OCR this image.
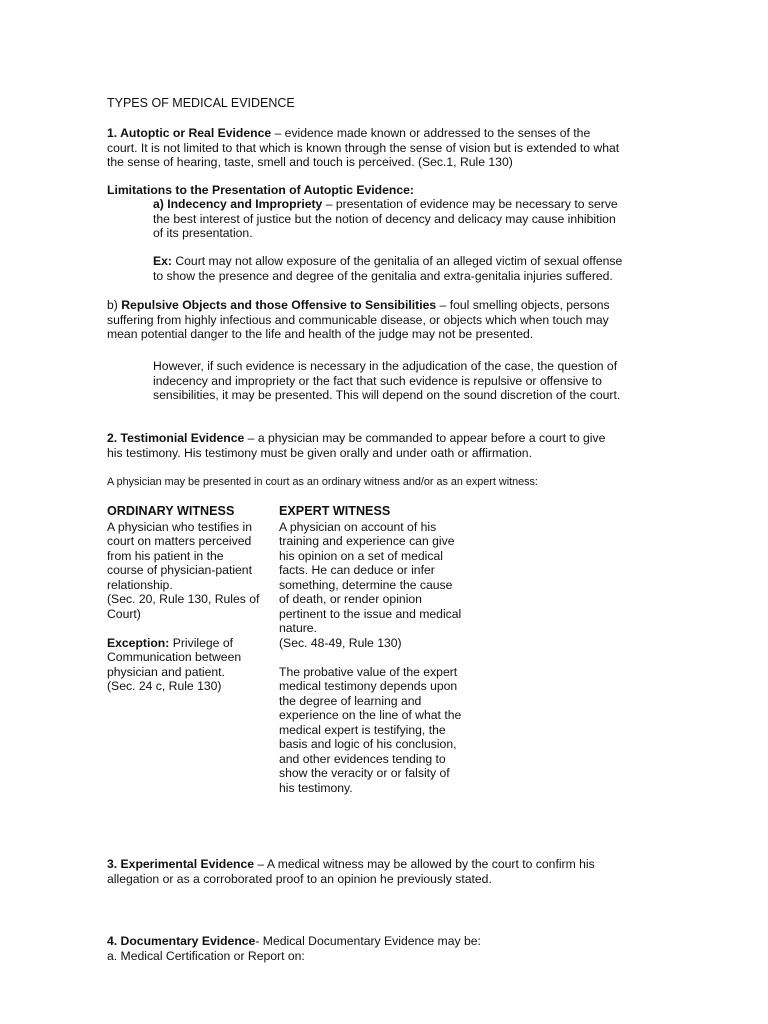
TYPES OF MEDICAL EVIDENCE

1. Autoptic or Real Evidence – evidence made known or addressed to the senses of the

court. It is not limited to that which is known through the sense of vision but is extended to what

the sense of hearing, taste, smell and touch is perceived. (Sec.1, Rule 130)

Limitations to the Presentation of Autoptic Evidence:

a) Indecency and Impropriety – presentation of evidence may be necessary to serve

the best interest of justice but the notion of decency and delicacy may cause inhibition

of its presentation.

Ex: Court may not allow exposure of the genitalia of an alleged victim of sexual offense

to show the presence and degree of the genitalia and extra-genitalia injuries suffered.

b) Repulsive Objects and those Offensive to Sensibilities – foul smelling objects, persons

suffering from highly infectious and communicable disease, or objects which when touch may

mean potential danger to the life and health of the judge may not be presented.

However, if such evidence is necessary in the adjudication of the case, the question of

indecency and impropriety or the fact that such evidence is repulsive or offensive to

sensibilities, it may be presented. This will depend on the sound discretion of the court.

2. Testimonial Evidence – a physician may be commanded to appear before a court to give

his testimony. His testimony must be given orally and under oath or affirmation.

A physician may be presented in court as an ordinary witness and/or as an expert witness:
ORDINARY WITNESS

A physician who testifies in

court on matters perceived

from his patient in the

course of physician-patient

relationship.

(Sec. 20, Rule 130, Rules of

Court)

Exception: Privilege of

Communication between

physician and patient.

(Sec. 24 c, Rule 130)

EXPERT WITNESS

A physician on account of his

training and experience can give

his opinion on a set of medical

facts. He can deduce or infer

something, determine the cause

of death, or render opinion

pertinent to the issue and medical

nature.

(Sec. 48-49, Rule 130)

The probative value of the expert

medical testimony depends upon

the degree of learning and

experience on the line of what the

medical expert is testifying, the

basis and logic of his conclusion,

and other evidences tending to

show the veracity or or falsity of

his testimony.

3. Experimental Evidence – A medical witness may be allowed by the court to confirm his

allegation or as a corroborated proof to an opinion he previously stated.

4. Documentary Evidence- Medical Documentary Evidence may be:

a. Medical Certification or Report on:
